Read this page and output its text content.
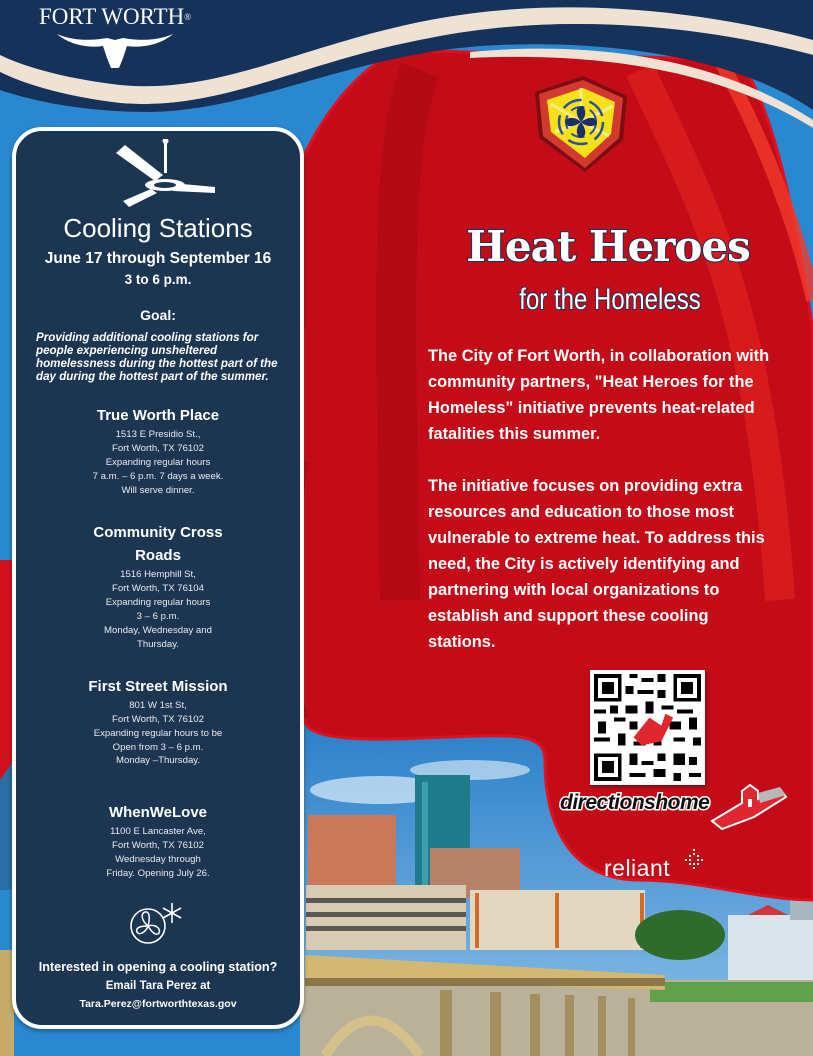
FORT WORTH®
Cooling Stations
June 17 through September 16
3 to 6 p.m.
Goal:
Providing additional cooling stations for people experiencing unsheltered homelessness during the hottest part of the day during the hottest part of the summer.
True Worth Place
1513 E Presidio St.,
Fort Worth, TX 76102
Expanding regular hours
7 a.m. – 6 p.m. 7 days a week.
Will serve dinner.
Community Cross Roads
1516 Hemphill St,
Fort Worth, TX 76104
Expanding regular hours
3 – 6 p.m.
Monday, Wednesday and
Thursday.
First Street Mission
801 W 1st St,
Fort Worth, TX 76102
Expanding regular hours to be
Open from 3 – 6 p.m.
Monday –Thursday.
WhenWeLove
1100 E Lancaster Ave,
Fort Worth, TX 76102
Wednesday through
Friday. Opening July 26.
Interested in opening a cooling station?
Email Tara Perez at
Tara.Perez@fortworthtexas.gov
Heat Heroes
for the Homeless
The City of Fort Worth, in collaboration with community partners, "Heat Heroes for the Homeless" initiative prevents heat-related fatalities this summer.
The initiative focuses on providing extra resources and education to those most vulnerable to extreme heat. To address this need, the City is actively identifying and partnering with local organizations to establish and support these cooling stations.
directionshome
reliant
